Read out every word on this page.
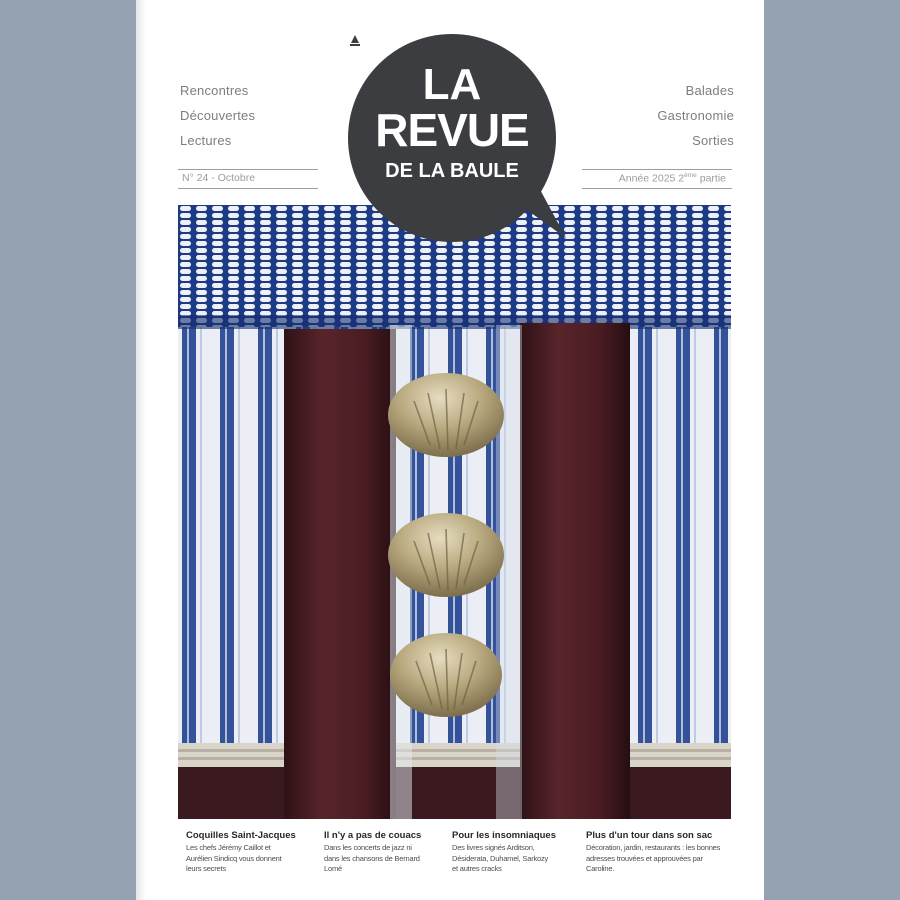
Rencontres
Découvertes
Lectures
Balades
Gastronomie
Sorties
N° 24 - Octobre	Année 2025 2ème partie
LA
REVUE
DE LA BAULE
Coquilles Saint-Jacques
Les chefs Jérémy Caillot et Aurélien Sindicq vous donnent leurs secrets
Il n'y a pas de couacs
Dans les concerts de jazz ni dans les chansons de Bernard Lomé
Pour les insomniaques
Des livres signés Arditson, Désiderata, Duhamel, Sarkozy et autres cracks
Plus d'un tour dans son sac
Décoration, jardin, restaurants : les bonnes adresses trouvées et approuvées par Caroline.
